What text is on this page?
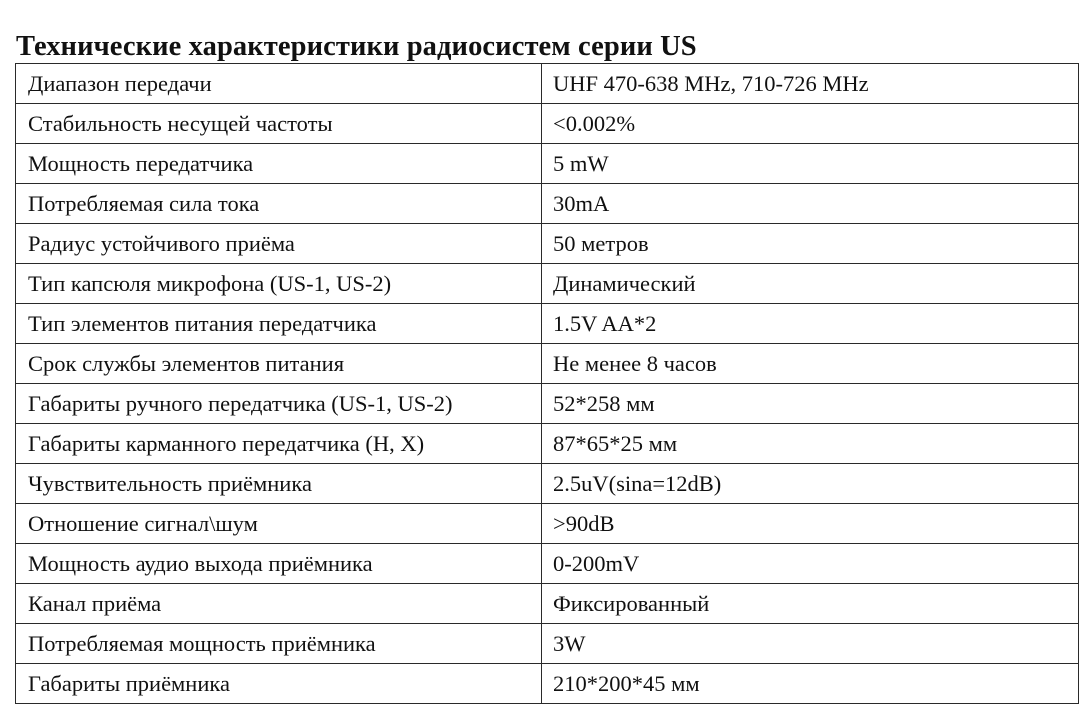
Технические характеристики радиосистем серии US
Диапазон передачи	UHF 470-638 MHz, 710-726 MHz
Стабильность несущей частоты	<0.002%
Мощность передатчика	5 mW
Потребляемая сила тока	30mA
Радиус устойчивого приёма	50 метров
Тип капсюля микрофона (US-1, US-2)	Динамический
Тип элементов питания передатчика	1.5V AA*2
Срок службы элементов питания	Не менее 8 часов
Габариты ручного передатчика (US-1, US-2)	52*258 мм
Габариты карманного передатчика (H, X)	87*65*25 мм
Чувствительность приёмника	2.5uV(sina=12dB)
Отношение сигнал\шум	>90dB
Мощность аудио выхода приёмника	0-200mV
Канал приёма	Фиксированный
Потребляемая мощность приёмника	3W
Габариты приёмника	210*200*45 мм
